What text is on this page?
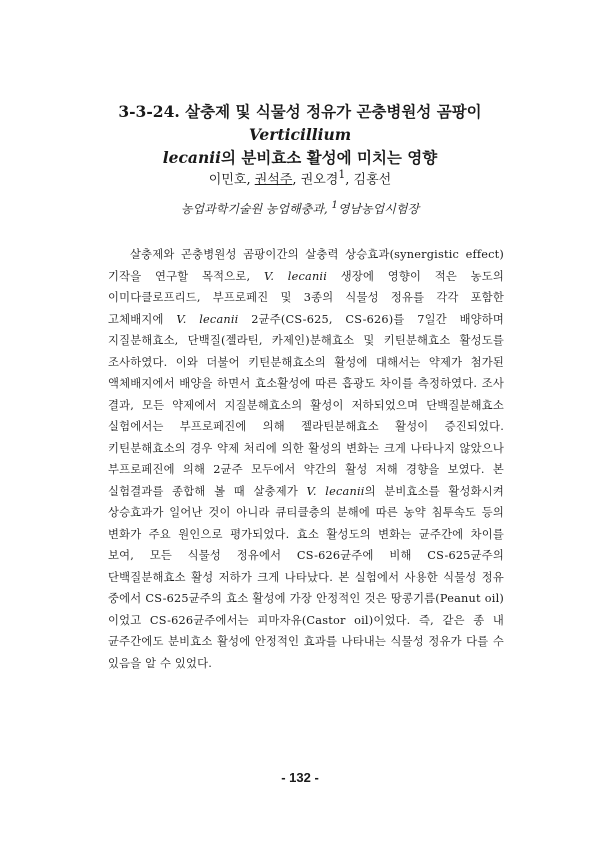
3-3-24. 살충제 및 식물성 정유가 곤충병원성 곰팡이 Verticillium
lecanii의 분비효소 활성에 미치는 영향
이민호, 권석주, 권오경$^1$, 김홍선
농업과학기술원 농업해충과, $^1$영남농업시험장
살충제와 곤충병원성 곰팡이간의 살충력 상승효과(synergistic effect) 기작을 연구할 목적으로, V. lecanii 생장에 영향이 적은 농도의 이미다클로프리드, 부프로페진 및 3종의 식물성 정유를 각각 포함한 고체배지에 V. lecanii 2균주(CS-625, CS-626)를 7일간 배양하며 지질분해효소, 단백질(젤라틴, 카제인)분해효소 및 키틴분해효소 활성도를 조사하였다. 이와 더불어 키틴분해효소의 활성에 대해서는 약제가 첨가된 액체배지에서 배양을 하면서 효소활성에 따른 흡광도 차이를 측정하였다. 조사 결과, 모든 약제에서 지질분해효소의 활성이 저하되었으며 단백질분해효소 실험에서는 부프로페진에 의해 젤라틴분해효소 활성이 증진되었다. 키틴분해효소의 경우 약제 처리에 의한 활성의 변화는 크게 나타나지 않았으나 부프로페진에 의해 2균주 모두에서 약간의 활성 저해 경향을 보였다. 본 실험결과를 종합해 볼 때 살충제가 V. lecanii의 분비효소를 활성화시켜 상승효과가 일어난 것이 아니라 큐티클층의 분해에 따른 농약 침투속도 등의 변화가 주요 원인으로 평가되었다. 효소 활성도의 변화는 균주간에 차이를 보여, 모든 식물성 정유에서 CS-626균주에 비해 CS-625균주의 단백질분해효소 활성 저하가 크게 나타났다. 본 실험에서 사용한 식물성 정유 중에서 CS-625균주의 효소 활성에 가장 안정적인 것은 땅콩기름(Peanut oil)이었고 CS-626균주에서는 피마자유(Castor oil)이었다. 즉, 같은 종 내 균주간에도 분비효소 활성에 안정적인 효과를 나타내는 식물성 정유가 다를 수 있음을 알 수 있었다.
- 132 -
